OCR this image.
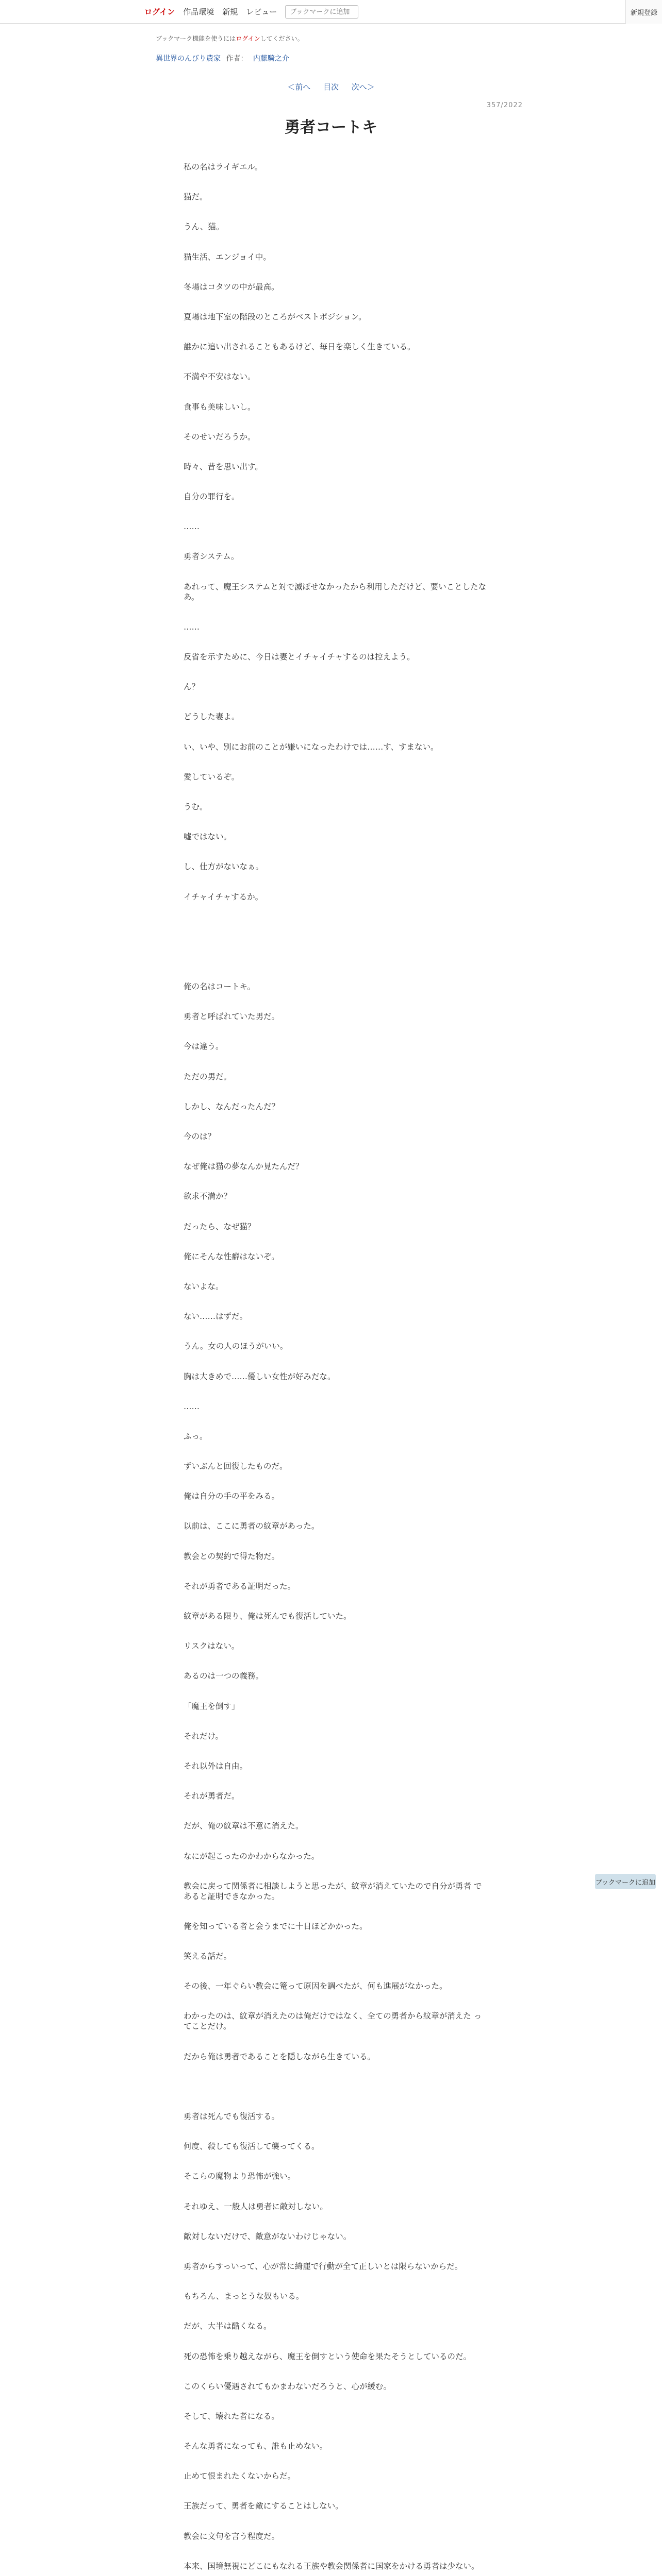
ログイン 作品環境 新規 レビュー
ブックマークに追加	新規登録
ブックマーク機能を使うにはログインしてください。
異世界のんびり農家 作者： 内藤騎之介
＜前へ 目次 次へ＞
357/2022
勇者コートキ

私の名はライギエル。

猫だ。

うん、猫。

猫生活、エンジョイ中。

冬場はコタツの中が最高。

夏場は地下室の階段のところがベストポジション。

誰かに追い出されることもあるけど、毎日を楽しく生きている。

不満や不安はない。

食事も美味しいし。

そのせいだろうか。

時々、昔を思い出す。

自分の罪行を。

……

勇者システム。

あれって、魔王システムと対で滅ぼせなかったから利用しただけど、要いことしたな あ。

……

反省を示すために、今日は妻とイチャイチャするのは控えよう。

ん？

どうした妻よ。

い、いや、別にお前のことが嫌いになったわけでは……す、すまない。

愛しているぞ。

うむ。

嘘ではない。

し、仕方がないなぁ。

イチャイチャするか。

俺の名はコートキ。

勇者と呼ばれていた男だ。

今は違う。

ただの男だ。

しかし、なんだったんだ？

今のは？

なぜ俺は猫の夢なんか見たんだ？

欲求不満か？

だったら、なぜ猫？

俺にそんな性癖はないぞ。

ないよな。

ない……はずだ。

うん。女の人のほうがいい。

胸は大きめで……優しい女性が好みだな。

……

ふっ。

ずいぶんと回復したものだ。

俺は自分の手の平をみる。

以前は、ここに勇者の紋章があった。

教会との契約で得た物だ。

それが勇者である証明だった。

紋章がある限り、俺は死んでも復活していた。

リスクはない。

あるのは一つの義務。

「魔王を倒す」

それだけ。

それ以外は自由。

それが勇者だ。

だが、俺の紋章は不意に消えた。

なにが起こったのかわからなかった。

教会に戻って関係者に相談しようと思ったが、紋章が消えていたので自分が勇者 であると証明できなかった。

俺を知っている者と会うまでに十日ほどかかった。

笑える話だ。

その後、一年ぐらい教会に篭って原因を調べたが、何も進展がなかった。

わかったのは、紋章が消えたのは俺だけではなく、全ての勇者から紋章が消えた ってことだけ。

だから俺は勇者であることを隠しながら生きている。

勇者は死んでも復活する。

何度、殺しても復活して襲ってくる。

そこらの魔物より恐怖が強い。

それゆえ、一般人は勇者に敵対しない。

敵対しないだけで、敵意がないわけじゃない。

勇者からすっいって、心が常に綺麗で行動が全て正しいとは限らないからだ。

もちろん、まっとうな奴もいる。

だが、大半は酷くなる。

死の恐怖を乗り越えながら、魔王を倒すという使命を果たそうとしているのだ。

このくらい優遇されてもかまわないだろうと、心が緩む。

そして、壊れた者になる。

そんな勇者になっても、誰も止めない。

止めて恨まれたくないからだ。

王族だって、勇者を敵にすることはしない。

教会に文句を言う程度だ。

本来、国境無視にどこにもなれる王族や教会関係者に国家をかける勇者は少ない。

ブックマークに追加
